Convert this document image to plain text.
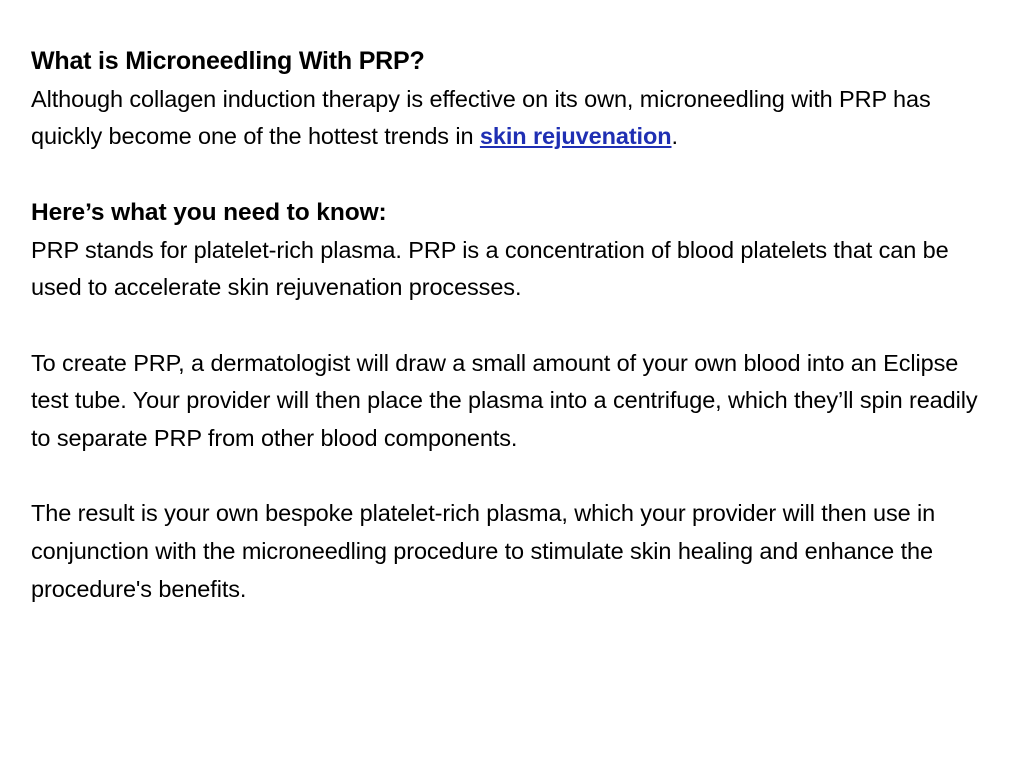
What is Microneedling With PRP?
Although collagen induction therapy is effective on its own, microneedling with PRP has quickly become one of the hottest trends in skin rejuvenation.
Here’s what you need to know:
PRP stands for platelet-rich plasma. PRP is a concentration of blood platelets that can be used to accelerate skin rejuvenation processes.
To create PRP, a dermatologist will draw a small amount of your own blood into an Eclipse test tube. Your provider will then place the plasma into a centrifuge, which they’ll spin readily to separate PRP from other blood components.
The result is your own bespoke platelet-rich plasma, which your provider will then use in conjunction with the microneedling procedure to stimulate skin healing and enhance the procedure's benefits.
